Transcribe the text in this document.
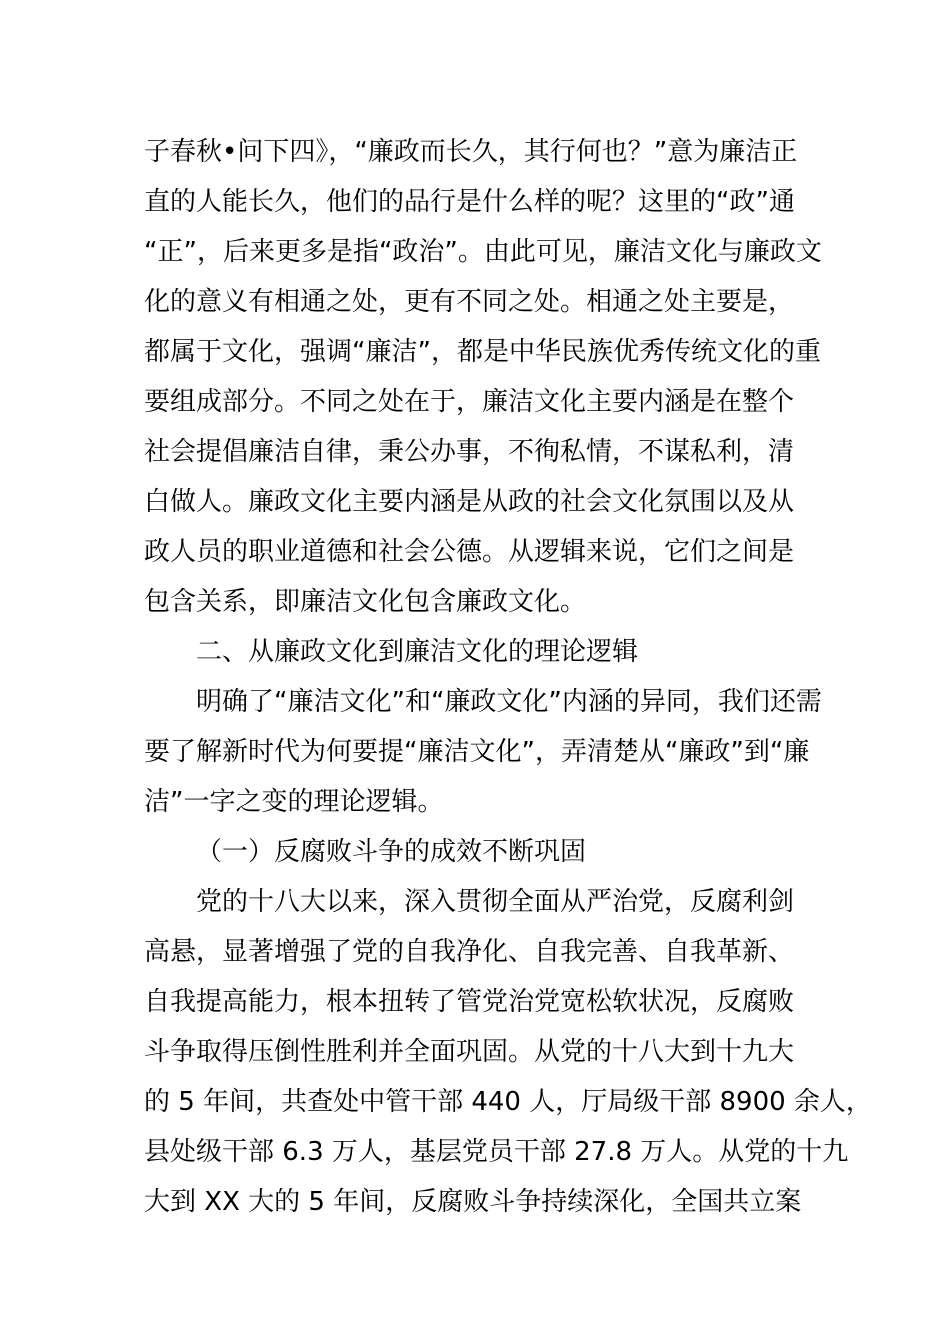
子春秋•问下四》，“廉政而长久，其行何也？”意为廉洁正
直的人能长久，他们的品行是什么样的呢？这里的“政”通
“正”，后来更多是指“政治”。由此可见，廉洁文化与廉政文
化的意义有相通之处，更有不同之处。相通之处主要是，
都属于文化，强调“廉洁”，都是中华民族优秀传统文化的重
要组成部分。不同之处在于，廉洁文化主要内涵是在整个
社会提倡廉洁自律，秉公办事，不徇私情，不谋私利，清
白做人。廉政文化主要内涵是从政的社会文化氛围以及从
政人员的职业道德和社会公德。从逻辑来说，它们之间是
包含关系，即廉洁文化包含廉政文化。
二、从廉政文化到廉洁文化的理论逻辑
明确了“廉洁文化”和“廉政文化”内涵的异同，我们还需
要了解新时代为何要提“廉洁文化”，弄清楚从“廉政”到“廉
洁”一字之变的理论逻辑。
（一）反腐败斗争的成效不断巩固
党的十八大以来，深入贯彻全面从严治党，反腐利剑
高悬，显著增强了党的自我净化、自我完善、自我革新、
自我提高能力，根本扭转了管党治党宽松软状况，反腐败
斗争取得压倒性胜利并全面巩固。从党的十八大到十九大
的 5 年间，共查处中管干部 440 人，厅局级干部 8900 余人，
县处级干部 6.3 万人，基层党员干部 27.8 万人。从党的十九
大到 XX 大的 5 年间，反腐败斗争持续深化，全国共立案
